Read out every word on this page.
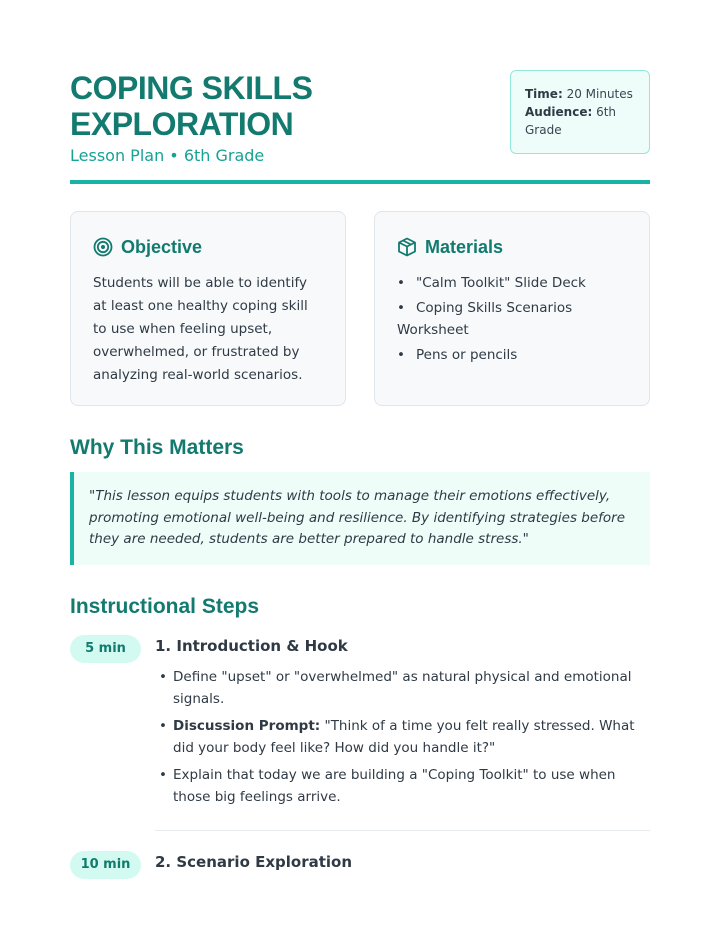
COPING SKILLS EXPLORATION
Lesson Plan • 6th Grade
Time: 20 Minutes
Audience: 6th Grade
Objective

Students will be able to identify at least one healthy coping skill to use when feeling upset, overwhelmed, or frustrated by analyzing real-world scenarios.

Materials
• "Calm Toolkit" Slide Deck
• Coping Skills Scenarios Worksheet
• Pens or pencils
Why This Matters
"This lesson equips students with tools to manage their emotions effectively, promoting emotional well-being and resilience. By identifying strategies before they are needed, students are better prepared to handle stress."
Instructional Steps
5 min	1. Introduction & Hook
• Define "upset" or "overwhelmed" as natural physical and emotional signals.
• Discussion Prompt: "Think of a time you felt really stressed. What did your body feel like? How did you handle it?"
• Explain that today we are building a "Coping Toolkit" to use when those big feelings arrive.
10 min	2. Scenario Exploration
